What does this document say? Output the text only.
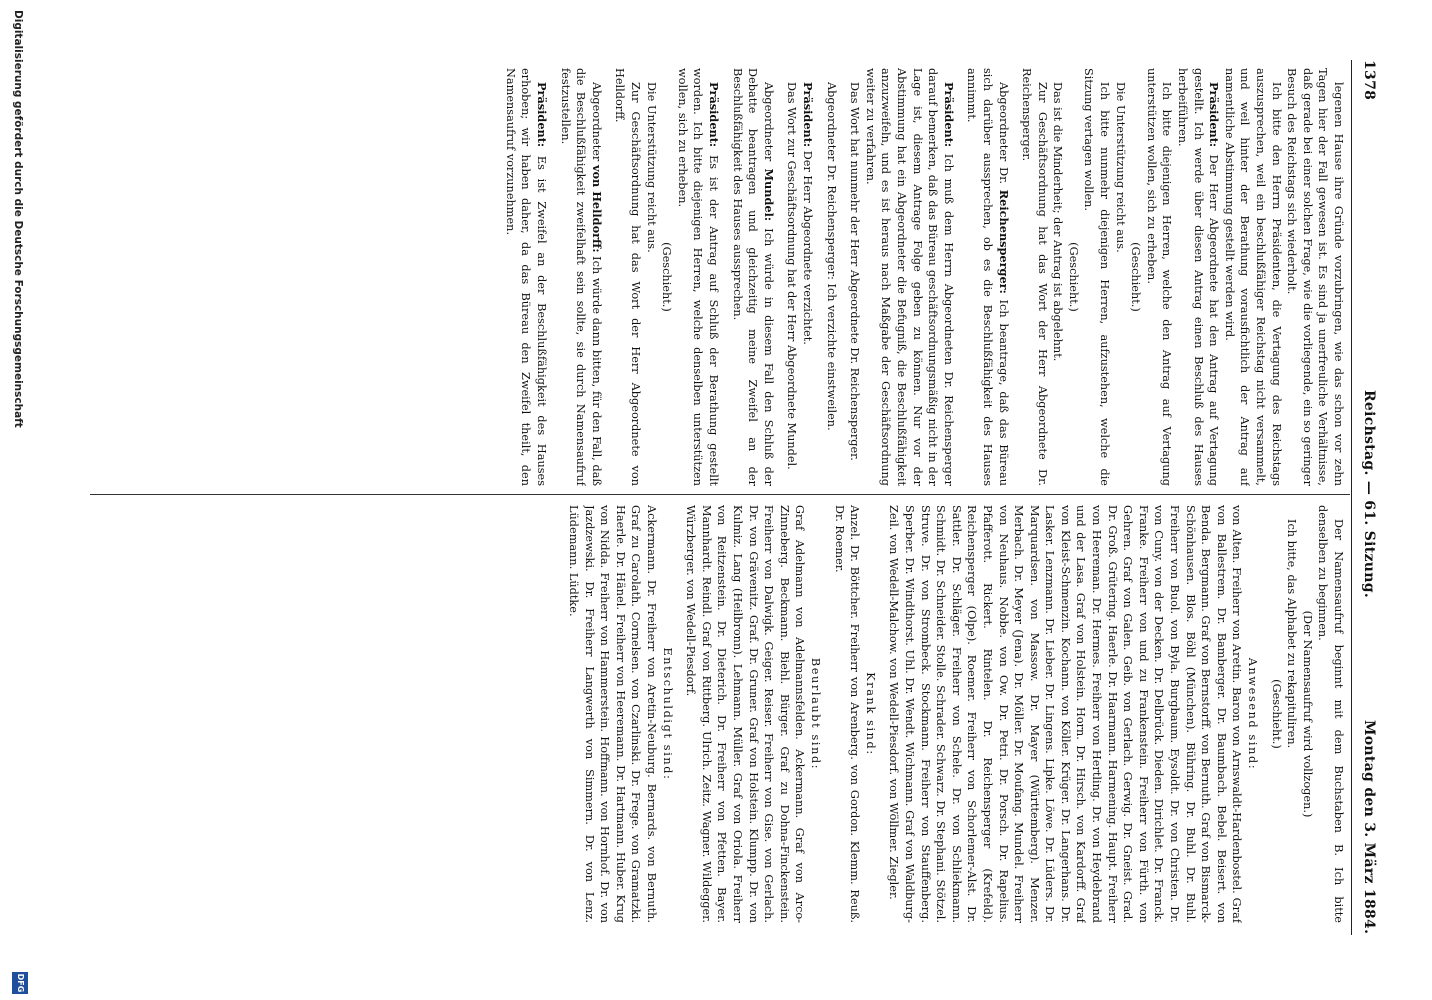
1378
Reichstag. — 61. Sitzung.
Montag den 3. März 1884.

legenen Hause ihre Gründe vorzubringen, wie das schon vor zehn Tagen hier der Fall gewesen ist. Es sind ja unerfreuliche Verhältnisse, daß gerade bei einer solchen Frage, wie die vorliegende, ein so geringer Besuch des Reichstags sich wiederholt.

Ich bitte den Herrn Präsidenten, die Vertagung des Reichstags auszusprechen, weil ein beschlußfähiger Reichstag nicht versammelt, und weil hinter der Berathung vorausfichtlich der Antrag auf namentliche Abstimmung gestellt werden wird.

Präsident: Der Herr Abgeordnete hat den Antrag auf Vertagung gestellt. Ich werde über diesen Antrag einen Beschluß des Hauses herbeiführen.

Ich bitte diejenigen Herren, welche den Antrag auf Vertagung unterstützen wollen, sich zu erheben.

(Geschieht.)

Die Unterstützung reicht aus.

Ich bitte nunmehr diejenigen Herren, aufzustehen, welche die Sitzung vertagen wollen.

(Geschieht.)

Das ist die Minderheit; der Antrag ist abgelehnt.

Zur Geschäftsordnung hat das Wort der Herr Abgeordnete Dr. Reichensperger.

Abgeordneter Dr. Reichensperger: Ich beantrage, daß das Büreau sich darüber aussprechen, ob es die Beschlußfähigkeit des Hauses annimmt.

Präsident: Ich muß dem Herrn Abgeordneten Dr. Reichensperger darauf bemerken, daß das Büreau geschäftsordnungsmäßig nicht in der Lage ist, diesem Antrage Folge geben zu können. Nur vor der Abstimmung hat ein Abgeordneter die Befugniß, die Beschlußfähigkeit anzuzweifeln, und es ist heraus nach Maßgabe der Geschäftsordnung weiter zu verfahren.

Das Wort hat nunmehr der Herr Abgeordnete Dr. Reichensperger.

Abgeordneter Dr. Reichensperger: Ich verzichte einstweilen.

Präsident: Der Herr Abgeordnete verzichtet.

Das Wort zur Geschäftsordnung hat der Herr Abgeordnete Mundel.

Abgeordneter Mundel: Ich würde in diesem Fall den Schluß der Debatte beantragen und gleichzeitig meine Zweifel an der Beschlußfähigkeit des Hauses aussprechen.

Präsident: Es ist der Antrag auf Schluß der Berathung gestellt worden. Ich bitte diejenigen Herren, welche denselben unterstützen wollen, sich zu erheben.

(Geschieht.)

Die Unterstützung reicht aus.

Zur Geschäftsordnung hat das Wort der Herr Abgeordnete von Helldorff.

Abgeordneter von Helldorff: Ich würde dann bitten, für den Fall, daß die Beschlußfähigkeit zweifelhaft sein sollte, sie durch Namensaufruf festzustellen.

Präsident: Es ist Zweifel an der Beschlußfähigkeit des Hauses erhoben; wir haben daher, da das Büreau den Zweifel theilt, den Namensaufruf vorzunehmen.

Der Namensaufruf beginnt mit dem Buchstaben B. Ich bitte denselben zu beginnen.

(Der Namensaufruf wird vollzogen.)

Ich bitte, das Alphabet zu rekapituliren.

(Geschieht.)

Anwesend sind:

von Alten. Freiherr von Aretin. Baron von Arnswaldt-Hardenbostel. Graf von Ballestrem. Dr. Bamberger. Dr. Baumbach. Bebel. Beisert. von Benda. Bergmann. Graf von Bernstorff. von Bernuth. Graf von Bismarck-Schönhausen. Blos. Böhl (München). Bühring. Dr. Buhl. Dr. Buhl. Freiherr von Buol. von Byla. Burgbaum. Eysoldt. Dr. von Christen. Dr. von Cuny. von der Decken. Dr. Delbrück. Dieden. Dirichlet. Dr. Franck. Franke. Freiherr von und zu Frankenstein. Freiherr von Fürth. von Gehren. Graf von Galen. Geib. von Gerlach. Gerwig. Dr. Gneist. Grad. Dr. Groß. Grütering. Haerle. Dr. Haarmann. Harmening. Haupt. Freiherr von Heereman. Dr. Hermes. Freiherr von Hertling. Dr. von Heydebrand und der Lasa. Graf von Holstein. Horn. Dr. Hirsch. von Kardorff. Graf von Kleist-Schmenzin. Kochann. von Köller. Krüger. Dr. Langerhans. Dr. Lasker. Lenzmann. Dr. Lieber. Dr. Lingens. Lipke. Löwe. Dr. Lüders. Dr. Marquardsen. von Massow. Dr. Mayer (Württemberg). Menzer. Merbach. Dr. Meyer (Jena). Dr. Möller. Dr. Moufang. Mundel. Freiherr von Neuhaus. Nobbe. von Ow. Dr. Petri. Dr. Porsch. Dr. Rapelius. Pfafferott. Rickert. Rintelen. Dr. Reichensperger (Krefeld). Reichensperger (Olpe). Roemer. Freiherr von Schorlemer-Alst. Dr. Sattler. Dr. Schläger. Freiherr von Schele. Dr. von Schliekmann. Schmidt. Dr. Schneider. Stolle. Schrader. Schwarz. Dr. Stephani. Stötzel. Struve. Dr. von Strombeck. Stockmann. Freiherr von Stauffenberg. Sperber. Dr. Windthorst. Uhl. Dr. Wendt. Wichmann. Graf von Waldburg-Zeil. von Wedell-Malchow. von Wedell-Piesdorf. von Wöllmer. Ziegler.

Krank sind:

Anzel. Dr. Böttcher. Freiherr von Arenberg. von Gordon. Klemm. Reuß. Dr. Roemer.

Beurlaubt sind:

Graf Adelmann von Adelmannsfelden. Ackermann. Graf von Arco-Zinneberg. Beckmann. Biehl. Bürger. Graf zu Dohna-Finckenstein. Freiherr von Dalwigk. Geiger. Reiser. Freiherr von Gise. von Gerlach. Dr. von Grävenitz. Graf. Dr. Gruner. Graf von Holstein. Klumpp. Dr. von Kulmiz. Lang (Heilbronn). Lehmann. Müller. Graf von Oriola. Freiherr von Reitzenstein. Dr. Dieterich. Dr. Freiherr von Pfetten. Bayer. Mannhardt. Reindl. Graf von Rittberg. Ulrich. Zeitz. Wagner. Wildegger. Würzberger. von Wedell-Piesdorf.

Entschuldigt sind:

Ackermann. Dr. Freiherr von Aretin-Neuburg. Bernards. von Bernuth. Graf zu Carolath. Cornelsen. von Czarlinski. Dr. Frege. von Gramatzki. Haerle. Dr. Hänel. Freiherr von Heeremann. Dr. Hartmann. Huber. Krug von Nidda. Freiherr von Hammerstein. Hoffmann. von Hornhof. Dr. von Jazdzewski. Dr. Freiherr Langwerth von Simmern. Dr. von Lenz. Lüdemann. Lüdtke.

Digitalisierung gefördert durch die Deutsche Forschungsgemeinschaft
DFG
